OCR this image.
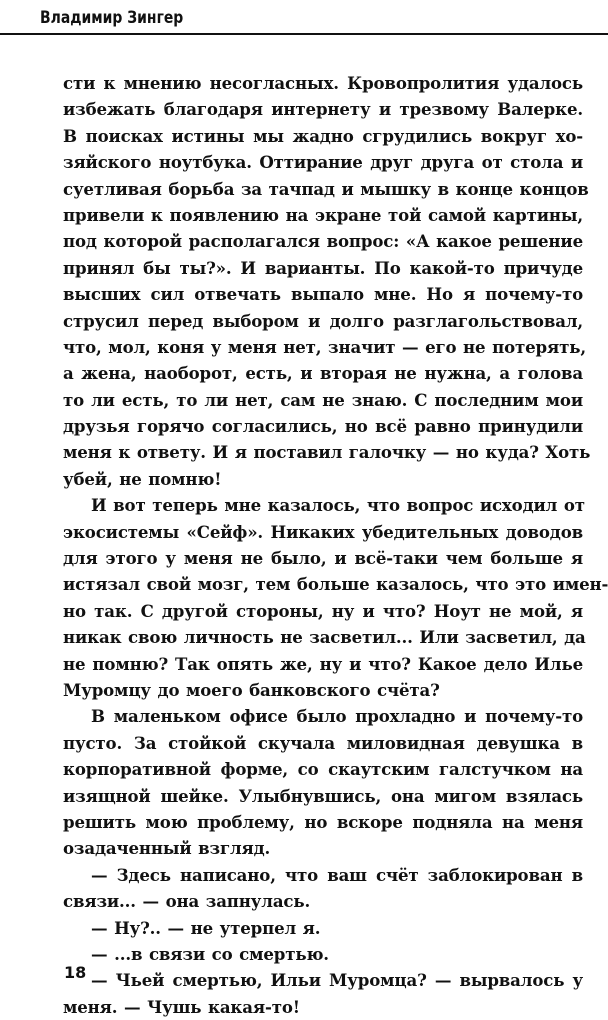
Владимир Зингер
сти к мнению несогласных. Кровопролития удалось
избежать благодаря интернету и трезвому Валерке.
В поисках истины мы жадно сгрудились вокруг хо-
зяйского ноутбука. Оттирание друг друга от стола и
суетливая борьба за тачпад и мышку в конце концов
привели к появлению на экране той самой картины,
под которой располагался вопрос: «А какое решение
принял бы ты?». И варианты. По какой-то причуде
высших сил отвечать выпало мне. Но я почему-то
струсил перед выбором и долго разглагольствовал,
что, мол, коня у меня нет, значит — его не потерять,
а жена, наоборот, есть, и вторая не нужна, а голова
то ли есть, то ли нет, сам не знаю. С последним мои
друзья горячо согласились, но всё равно принудили
меня к ответу. И я поставил галочку — но куда? Хоть
убей, не помню!
И вот теперь мне казалось, что вопрос исходил от
экосистемы «Сейф». Никаких убедительных доводов
для этого у меня не было, и всё-таки чем больше я
истязал свой мозг, тем больше казалось, что это имен-
но так. С другой стороны, ну и что? Ноут не мой, я
никак свою личность не засветил... Или засветил, да
не помню? Так опять же, ну и что? Какое дело Илье
Муромцу до моего банковского счёта?
В маленьком офисе было прохладно и почему-то
пусто. За стойкой скучала миловидная девушка в
корпоративной форме, со скаутским галстучком на
изящной шейке. Улыбнувшись, она мигом взялась
решить мою проблему, но вскоре подняла на меня
озадаченный взгляд.
— Здесь написано, что ваш счёт заблокирован в
связи... — она запнулась.
— Ну?.. — не утерпел я.
— ...в связи со смертью.
— Чьей смертью, Ильи Муромца? — вырвалось у
меня. — Чушь какая-то!
18
